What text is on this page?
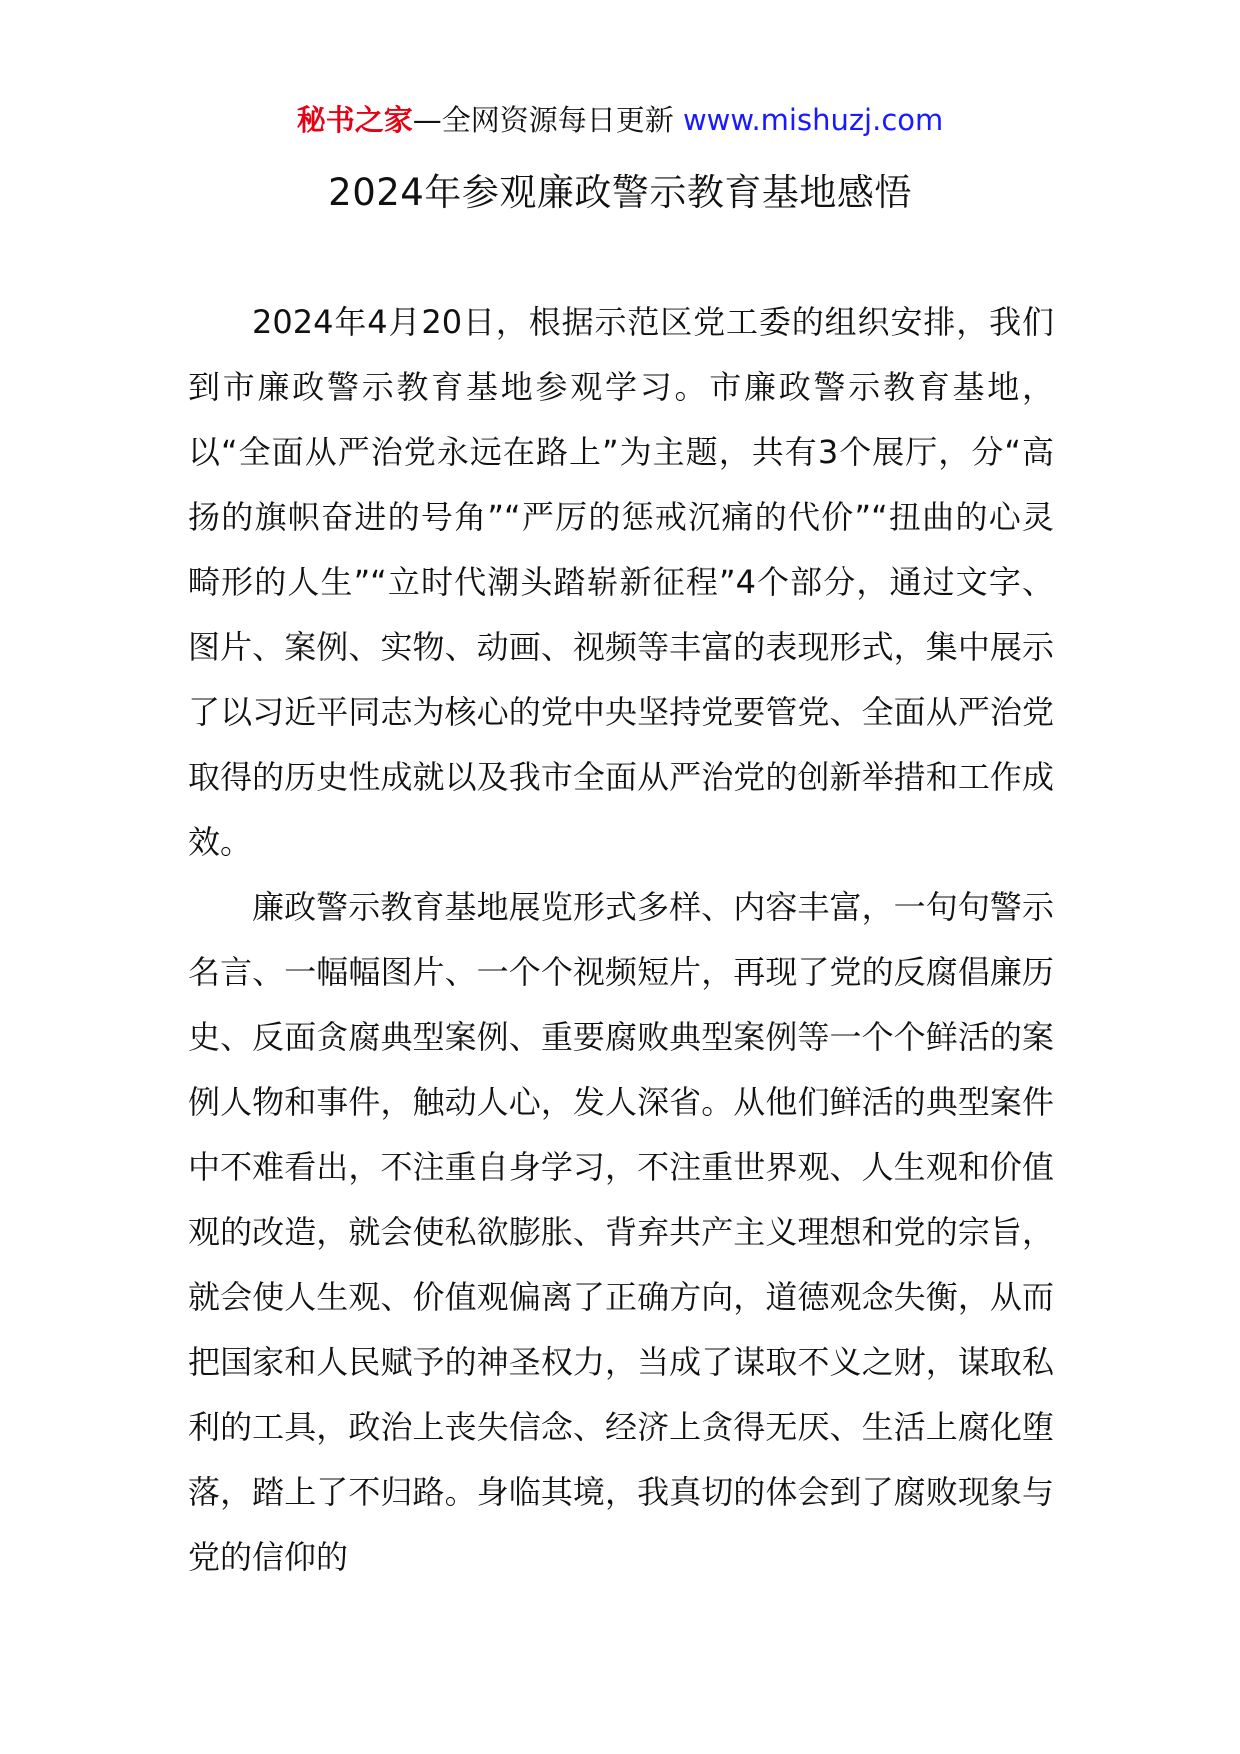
秘书之家—全网资源每日更新 www.mishuzj.com
2024年参观廉政警示教育基地感悟

2024年4月20日，根据示范区党工委的组织安排，我们到市廉政警示教育基地参观学习。市廉政警示教育基地，以“全面从严治党永远在路上”为主题，共有3个展厅，分“高扬的旗帜奋进的号角”“严厉的惩戒沉痛的代价”“扭曲的心灵畸形的人生”“立时代潮头踏崭新征程”4个部分，通过文字、图片、案例、实物、动画、视频等丰富的表现形式，集中展示了以习近平同志为核心的党中央坚持党要管党、全面从严治党取得的历史性成就以及我市全面从严治党的创新举措和工作成效。

廉政警示教育基地展览形式多样、内容丰富，一句句警示名言、一幅幅图片、一个个视频短片，再现了党的反腐倡廉历史、反面贪腐典型案例、重要腐败典型案例等一个个鲜活的案例人物和事件，触动人心，发人深省。从他们鲜活的典型案件中不难看出，不注重自身学习，不注重世界观、人生观和价值观的改造，就会使私欲膨胀、背弃共产主义理想和党的宗旨，就会使人生观、价值观偏离了正确方向，道德观念失衡，从而把国家和人民赋予的神圣权力，当成了谋取不义之财，谋取私利的工具，政治上丧失信念、经济上贪得无厌、生活上腐化堕落，踏上了不归路。身临其境，我真切的体会到了腐败现象与党的信仰的
